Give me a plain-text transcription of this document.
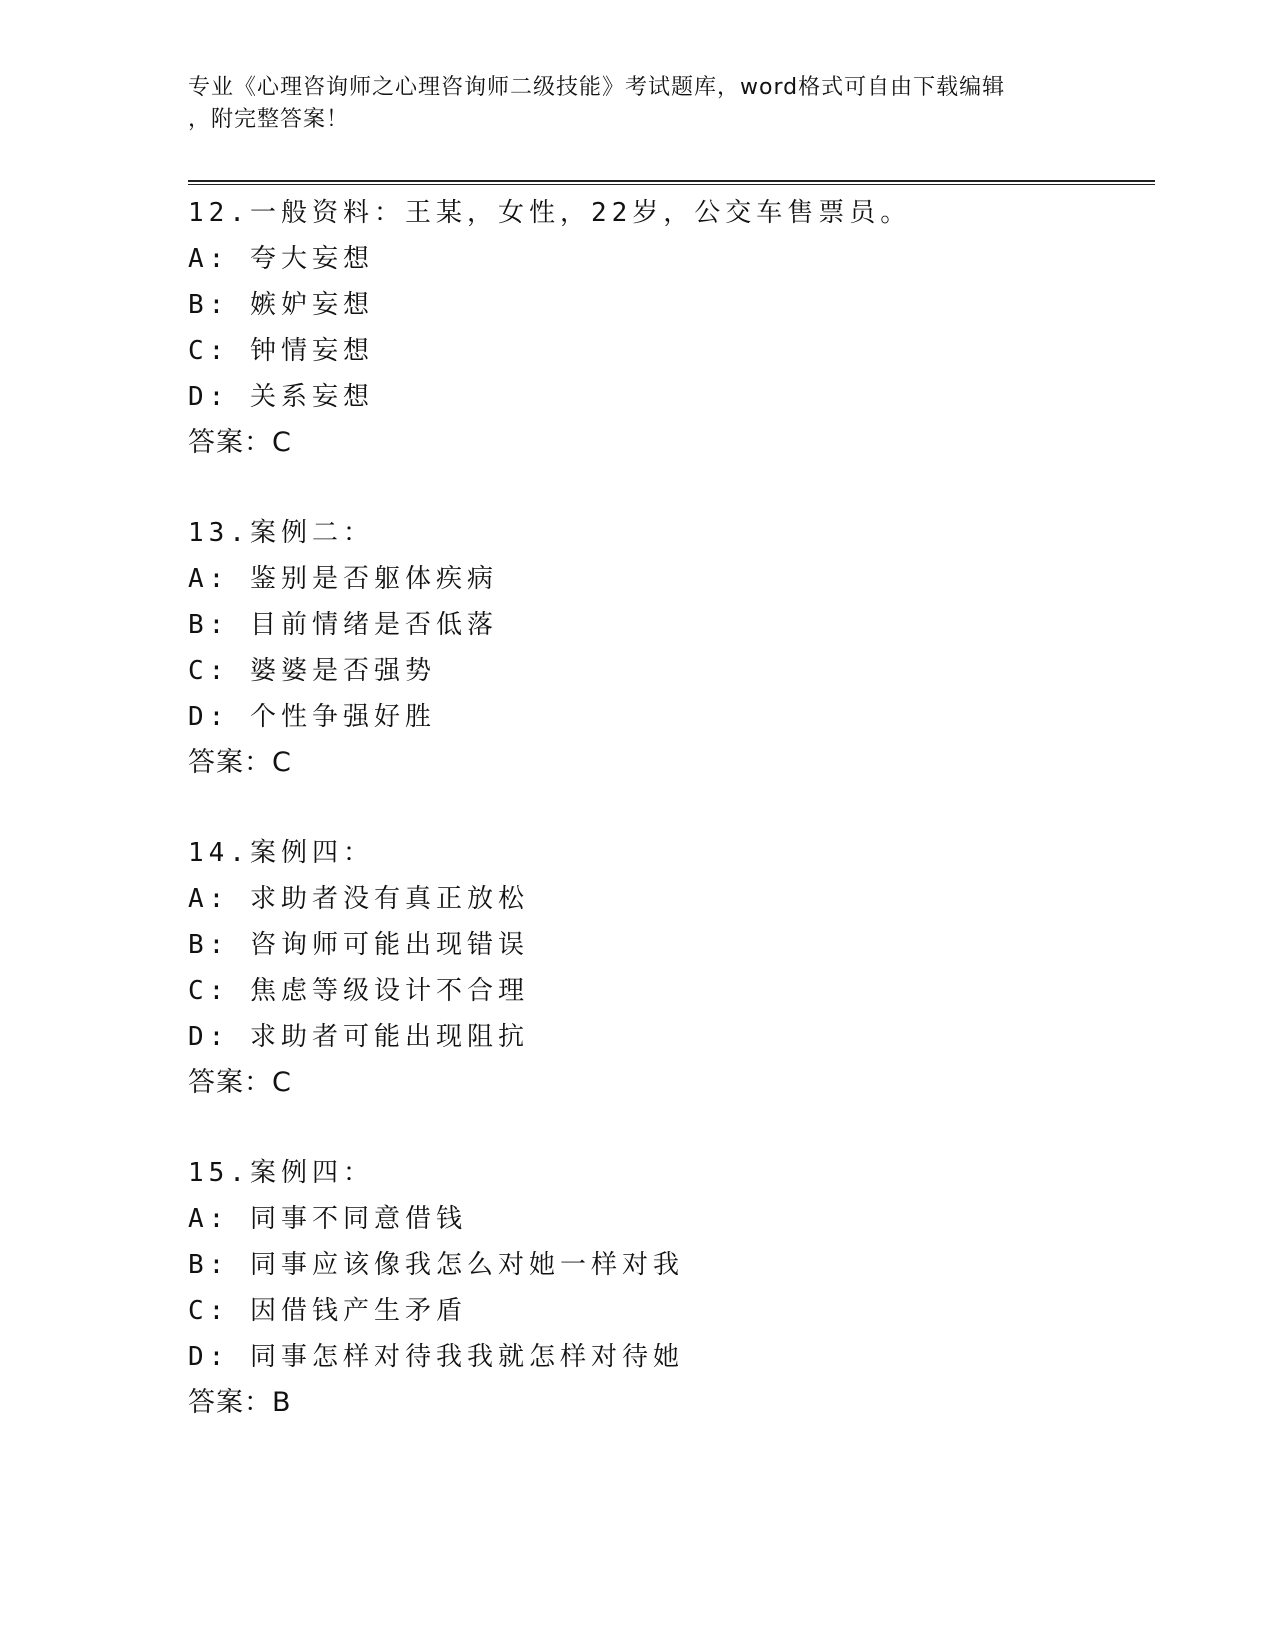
专业《心理咨询师之心理咨询师二级技能》考试题库，word格式可自由下载编辑
，附完整答案！
12.一般资料：王某，女性，22岁，公交车售票员。
A: 夸大妄想
B: 嫉妒妄想
C: 钟情妄想
D: 关系妄想
答案：C
13.案例二：
A: 鉴别是否躯体疾病
B: 目前情绪是否低落
C: 婆婆是否强势
D: 个性争强好胜
答案：C
14.案例四：
A: 求助者没有真正放松
B: 咨询师可能出现错误
C: 焦虑等级设计不合理
D: 求助者可能出现阻抗
答案：C
15.案例四：
A: 同事不同意借钱
B: 同事应该像我怎么对她一样对我
C: 因借钱产生矛盾
D: 同事怎样对待我我就怎样对待她
答案：B
